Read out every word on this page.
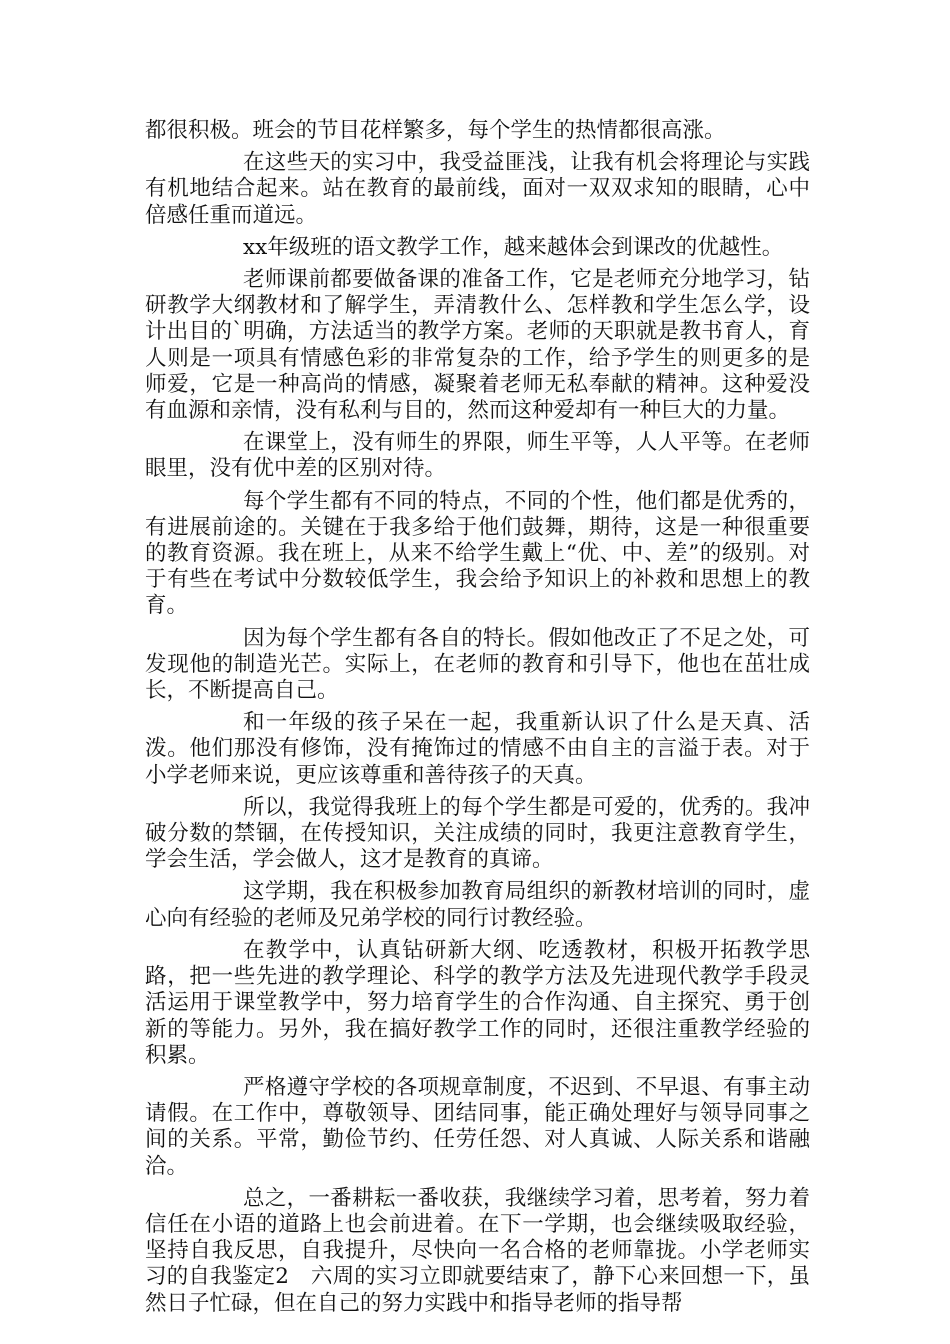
都很积极。班会的节目花样繁多，每个学生的热情都很高涨。

在这些天的实习中，我受益匪浅，让我有机会将理论与实践有机地结合起来。站在教育的最前线，面对一双双求知的眼睛，心中倍感任重而道远。

xx年级班的语文教学工作，越来越体会到课改的优越性。

老师课前都要做备课的准备工作，它是老师充分地学习，钻研教学大纲教材和了解学生，弄清教什么、怎样教和学生怎么学，设计出目的`明确，方法适当的教学方案。老师的天职就是教书育人，育人则是一项具有情感色彩的非常复杂的工作，给予学生的则更多的是师爱，它是一种高尚的情感，凝聚着老师无私奉献的精神。这种爱没有血源和亲情，没有私利与目的，然而这种爱却有一种巨大的力量。

在课堂上，没有师生的界限，师生平等，人人平等。在老师眼里，没有优中差的区别对待。

每个学生都有不同的特点，不同的个性，他们都是优秀的，有进展前途的。关键在于我多给于他们鼓舞，期待，这是一种很重要的教育资源。我在班上，从来不给学生戴上“优、中、差”的级别。对于有些在考试中分数较低学生，我会给予知识上的补救和思想上的教育。

因为每个学生都有各自的特长。假如他改正了不足之处，可发现他的制造光芒。实际上，在老师的教育和引导下，他也在茁壮成长，不断提高自己。

和一年级的孩子呆在一起，我重新认识了什么是天真、活泼。他们那没有修饰，没有掩饰过的情感不由自主的言溢于表。对于小学老师来说，更应该尊重和善待孩子的天真。

所以，我觉得我班上的每个学生都是可爱的，优秀的。我冲破分数的禁锢，在传授知识，关注成绩的同时，我更注意教育学生，学会生活，学会做人，这才是教育的真谛。

这学期，我在积极参加教育局组织的新教材培训的同时，虚心向有经验的老师及兄弟学校的同行讨教经验。

在教学中，认真钻研新大纲、吃透教材，积极开拓教学思路，把一些先进的教学理论、科学的教学方法及先进现代教学手段灵活运用于课堂教学中，努力培育学生的合作沟通、自主探究、勇于创新的等能力。另外，我在搞好教学工作的同时，还很注重教学经验的积累。

严格遵守学校的各项规章制度，不迟到、不早退、有事主动请假。在工作中，尊敬领导、团结同事，能正确处理好与领导同事之间的关系。平常，勤俭节约、任劳任怨、对人真诚、人际关系和谐融洽。

总之，一番耕耘一番收获，我继续学习着，思考着，努力着信任在小语的道路上也会前进着。在下一学期，也会继续吸取经验，坚持自我反思，自我提升，尽快向一名合格的老师靠拢。小学老师实习的自我鉴定2　六周的实习立即就要结束了，静下心来回想一下，虽然日子忙碌，但在自己的努力实践中和指导老师的指导帮
